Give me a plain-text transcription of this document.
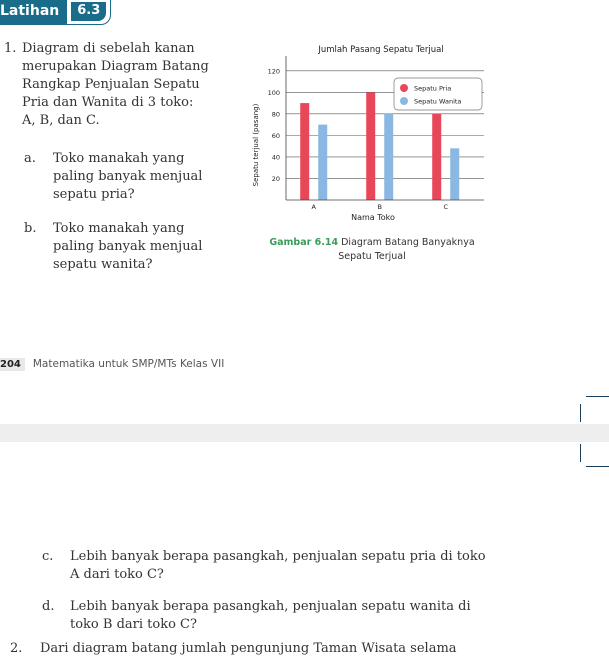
Latihan	6.3
1. Diagram di sebelah kanan
merupakan Diagram Batang
Rangkap Penjualan Sepatu
Pria dan Wanita di 3 toko:
A, B, dan C.
a. Toko manakah yang
paling banyak menjual
sepatu pria?
b. Toko manakah yang
paling banyak menjual
sepatu wanita?
Jumlah Pasang Sepatu Terjual
20
40
60
80
100
120
A	B	C
Sepatu Pria
Sepatu Wanita
Nama Toko
Sepatu terjual (pasang)
Gambar 6.14 Diagram Batang Banyaknya
Sepatu Terjual
204	Matematika untuk SMP/MTs Kelas VII
c. Lebih banyak berapa pasangkah, penjualan sepatu pria di toko
A dari toko C?
d. Lebih banyak berapa pasangkah, penjualan sepatu wanita di
toko B dari toko C?
2. Dari diagram batang jumlah pengunjung Taman Wisata selama
